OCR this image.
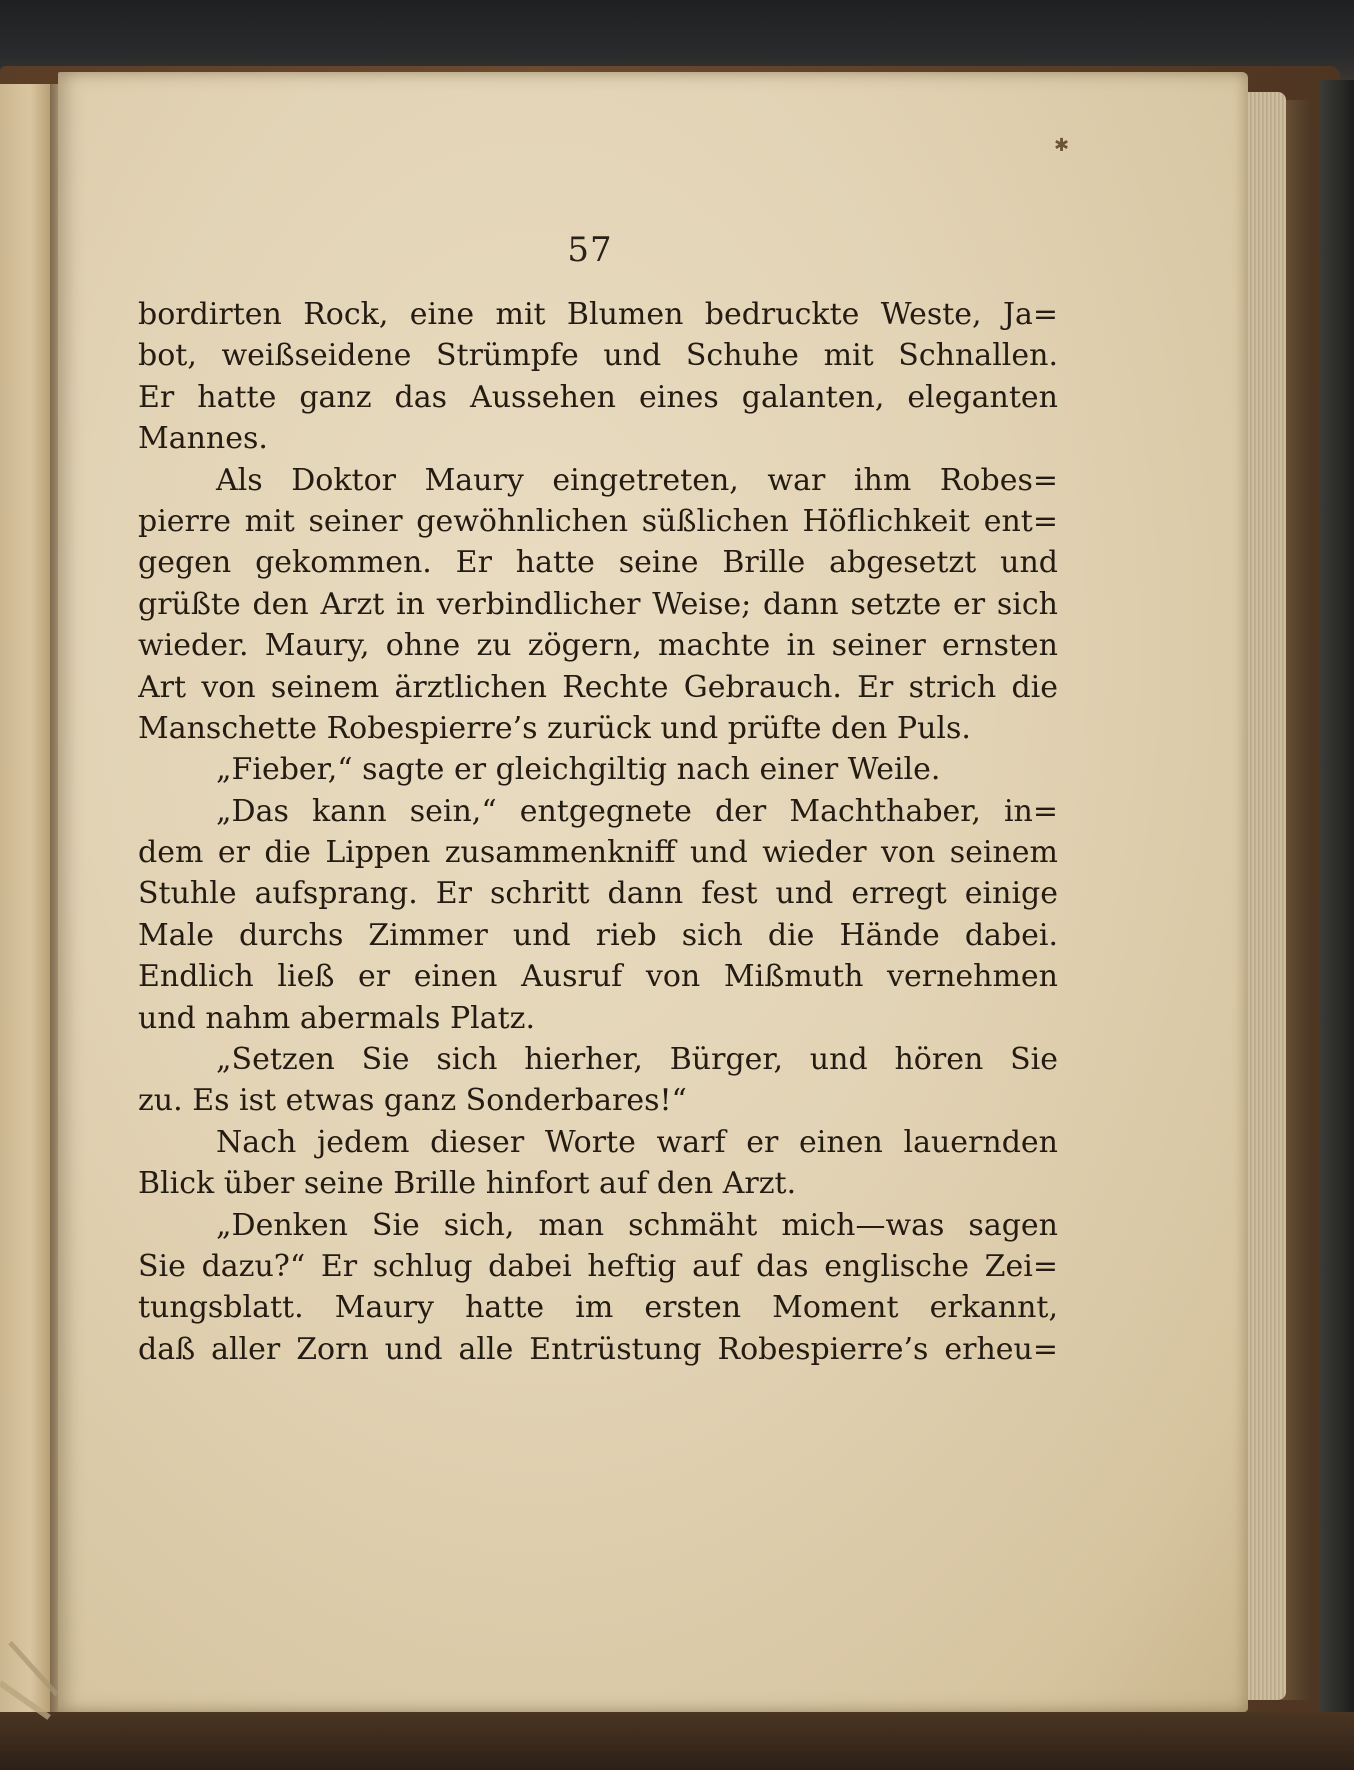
✱
57
bordirten Rock, eine mit Blumen bedruckte Weste, Ja=
bot, weißseidene Strümpfe und Schuhe mit Schnallen.
Er hatte ganz das Aussehen eines galanten, eleganten
Mannes.
Als Doktor Maury eingetreten, war ihm Robes=
pierre mit seiner gewöhnlichen süßlichen Höflichkeit ent=
gegen gekommen. Er hatte seine Brille abgesetzt und
grüßte den Arzt in verbindlicher Weise; dann setzte er sich
wieder. Maury, ohne zu zögern, machte in seiner ernsten
Art von seinem ärztlichen Rechte Gebrauch. Er strich die
Manschette Robespierre’s zurück und prüfte den Puls.
„Fieber,“ sagte er gleichgiltig nach einer Weile.
„Das kann sein,“ entgegnete der Machthaber, in=
dem er die Lippen zusammenkniff und wieder von seinem
Stuhle aufsprang. Er schritt dann fest und erregt einige
Male durchs Zimmer und rieb sich die Hände dabei.
Endlich ließ er einen Ausruf von Mißmuth vernehmen
und nahm abermals Platz.
„Setzen Sie sich hierher, Bürger, und hören Sie
zu. Es ist etwas ganz Sonderbares!“
Nach jedem dieser Worte warf er einen lauernden
Blick über seine Brille hinfort auf den Arzt.
„Denken Sie sich, man schmäht mich—was sagen
Sie dazu?“ Er schlug dabei heftig auf das englische Zei=
tungsblatt. Maury hatte im ersten Moment erkannt,
daß aller Zorn und alle Entrüstung Robespierre’s erheu=
